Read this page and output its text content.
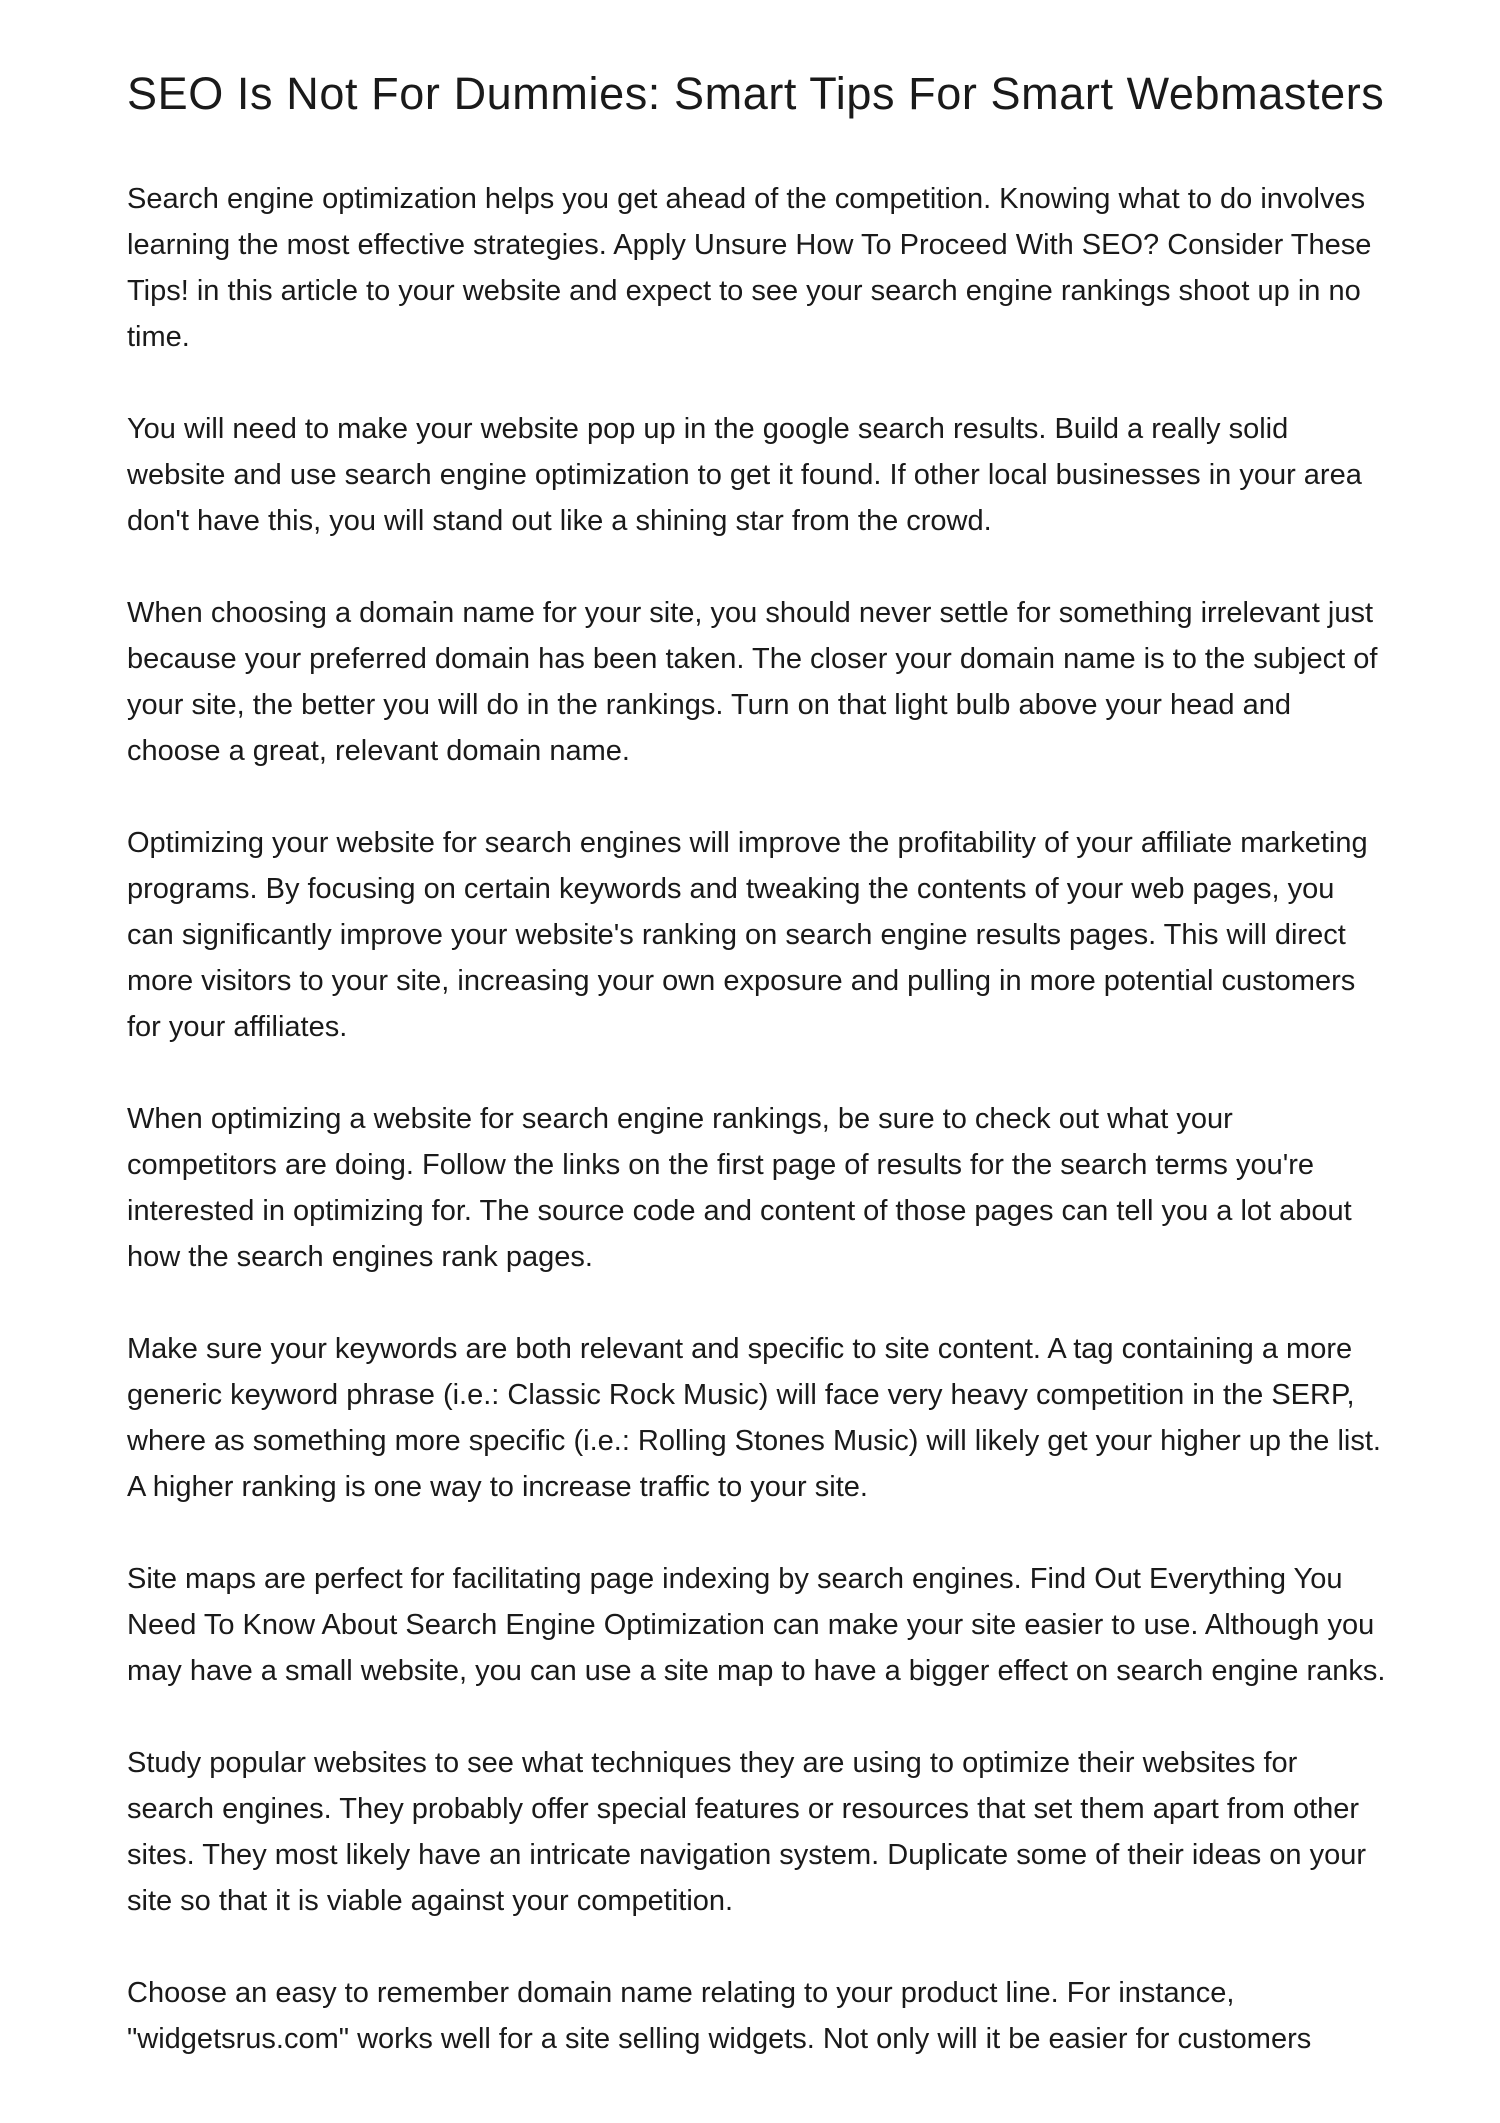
SEO Is Not For Dummies: Smart Tips For Smart Webmasters

Search engine optimization helps you get ahead of the competition. Knowing what to do involves learning the most effective strategies. Apply Unsure How To Proceed With SEO? Consider These Tips! in this article to your website and expect to see your search engine rankings shoot up in no time.

You will need to make your website pop up in the google search results. Build a really solid website and use search engine optimization to get it found. If other local businesses in your area don't have this, you will stand out like a shining star from the crowd.

When choosing a domain name for your site, you should never settle for something irrelevant just because your preferred domain has been taken. The closer your domain name is to the subject of your site, the better you will do in the rankings. Turn on that light bulb above your head and choose a great, relevant domain name.

Optimizing your website for search engines will improve the profitability of your affiliate marketing programs. By focusing on certain keywords and tweaking the contents of your web pages, you can significantly improve your website's ranking on search engine results pages. This will direct more visitors to your site, increasing your own exposure and pulling in more potential customers for your affiliates.

When optimizing a website for search engine rankings, be sure to check out what your competitors are doing. Follow the links on the first page of results for the search terms you're interested in optimizing for. The source code and content of those pages can tell you a lot about how the search engines rank pages.

Make sure your keywords are both relevant and specific to site content. A tag containing a more generic keyword phrase (i.e.: Classic Rock Music) will face very heavy competition in the SERP, where as something more specific (i.e.: Rolling Stones Music) will likely get your higher up the list. A higher ranking is one way to increase traffic to your site.

Site maps are perfect for facilitating page indexing by search engines. Find Out Everything You Need To Know About Search Engine Optimization can make your site easier to use. Although you may have a small website, you can use a site map to have a bigger effect on search engine ranks.

Study popular websites to see what techniques they are using to optimize their websites for search engines. They probably offer special features or resources that set them apart from other sites. They most likely have an intricate navigation system. Duplicate some of their ideas on your site so that it is viable against your competition.

Choose an easy to remember domain name relating to your product line. For instance, "widgetsrus.com" works well for a site selling widgets. Not only will it be easier for customers
